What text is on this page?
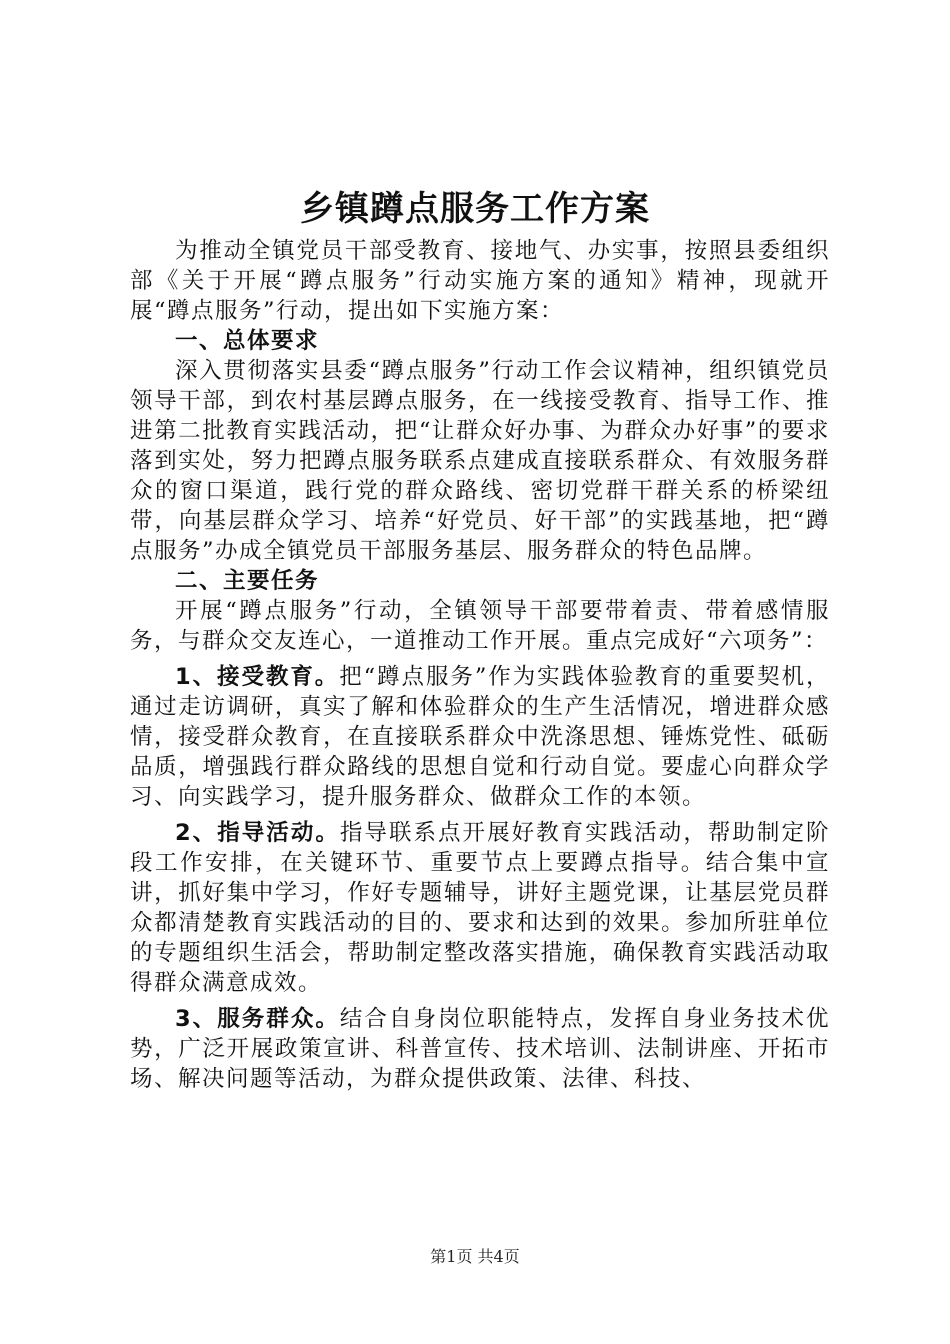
乡镇蹲点服务工作方案

为推动全镇党员干部受教育、接地气、办实事，按照县委组织部《关于开展“蹲点服务”行动实施方案的通知》精神，现就开展“蹲点服务”行动，提出如下实施方案：

一、总体要求

深入贯彻落实县委“蹲点服务”行动工作会议精神，组织镇党员领导干部，到农村基层蹲点服务，在一线接受教育、指导工作、推进第二批教育实践活动，把“让群众好办事、为群众办好事”的要求落到实处，努力把蹲点服务联系点建成直接联系群众、有效服务群众的窗口渠道，践行党的群众路线、密切党群干群关系的桥梁纽带，向基层群众学习、培养“好党员、好干部”的实践基地，把“蹲点服务”办成全镇党员干部服务基层、服务群众的特色品牌。

二、主要任务

开展“蹲点服务”行动，全镇领导干部要带着责、带着感情服务，与群众交友连心，一道推动工作开展。重点完成好“六项务”：

1、接受教育。把“蹲点服务”作为实践体验教育的重要契机，通过走访调研，真实了解和体验群众的生产生活情况，增进群众感情，接受群众教育，在直接联系群众中洗涤思想、锤炼党性、砥砺品质，增强践行群众路线的思想自觉和行动自觉。要虚心向群众学习、向实践学习，提升服务群众、做群众工作的本领。

2、指导活动。指导联系点开展好教育实践活动，帮助制定阶段工作安排，在关键环节、重要节点上要蹲点指导。结合集中宣讲，抓好集中学习，作好专题辅导，讲好主题党课，让基层党员群众都清楚教育实践活动的目的、要求和达到的效果。参加所驻单位的专题组织生活会，帮助制定整改落实措施，确保教育实践活动取得群众满意成效。

3、服务群众。结合自身岗位职能特点，发挥自身业务技术优势，广泛开展政策宣讲、科普宣传、技术培训、法制讲座、开拓市场、解决问题等活动，为群众提供政策、法律、科技、

第1页 共4页
